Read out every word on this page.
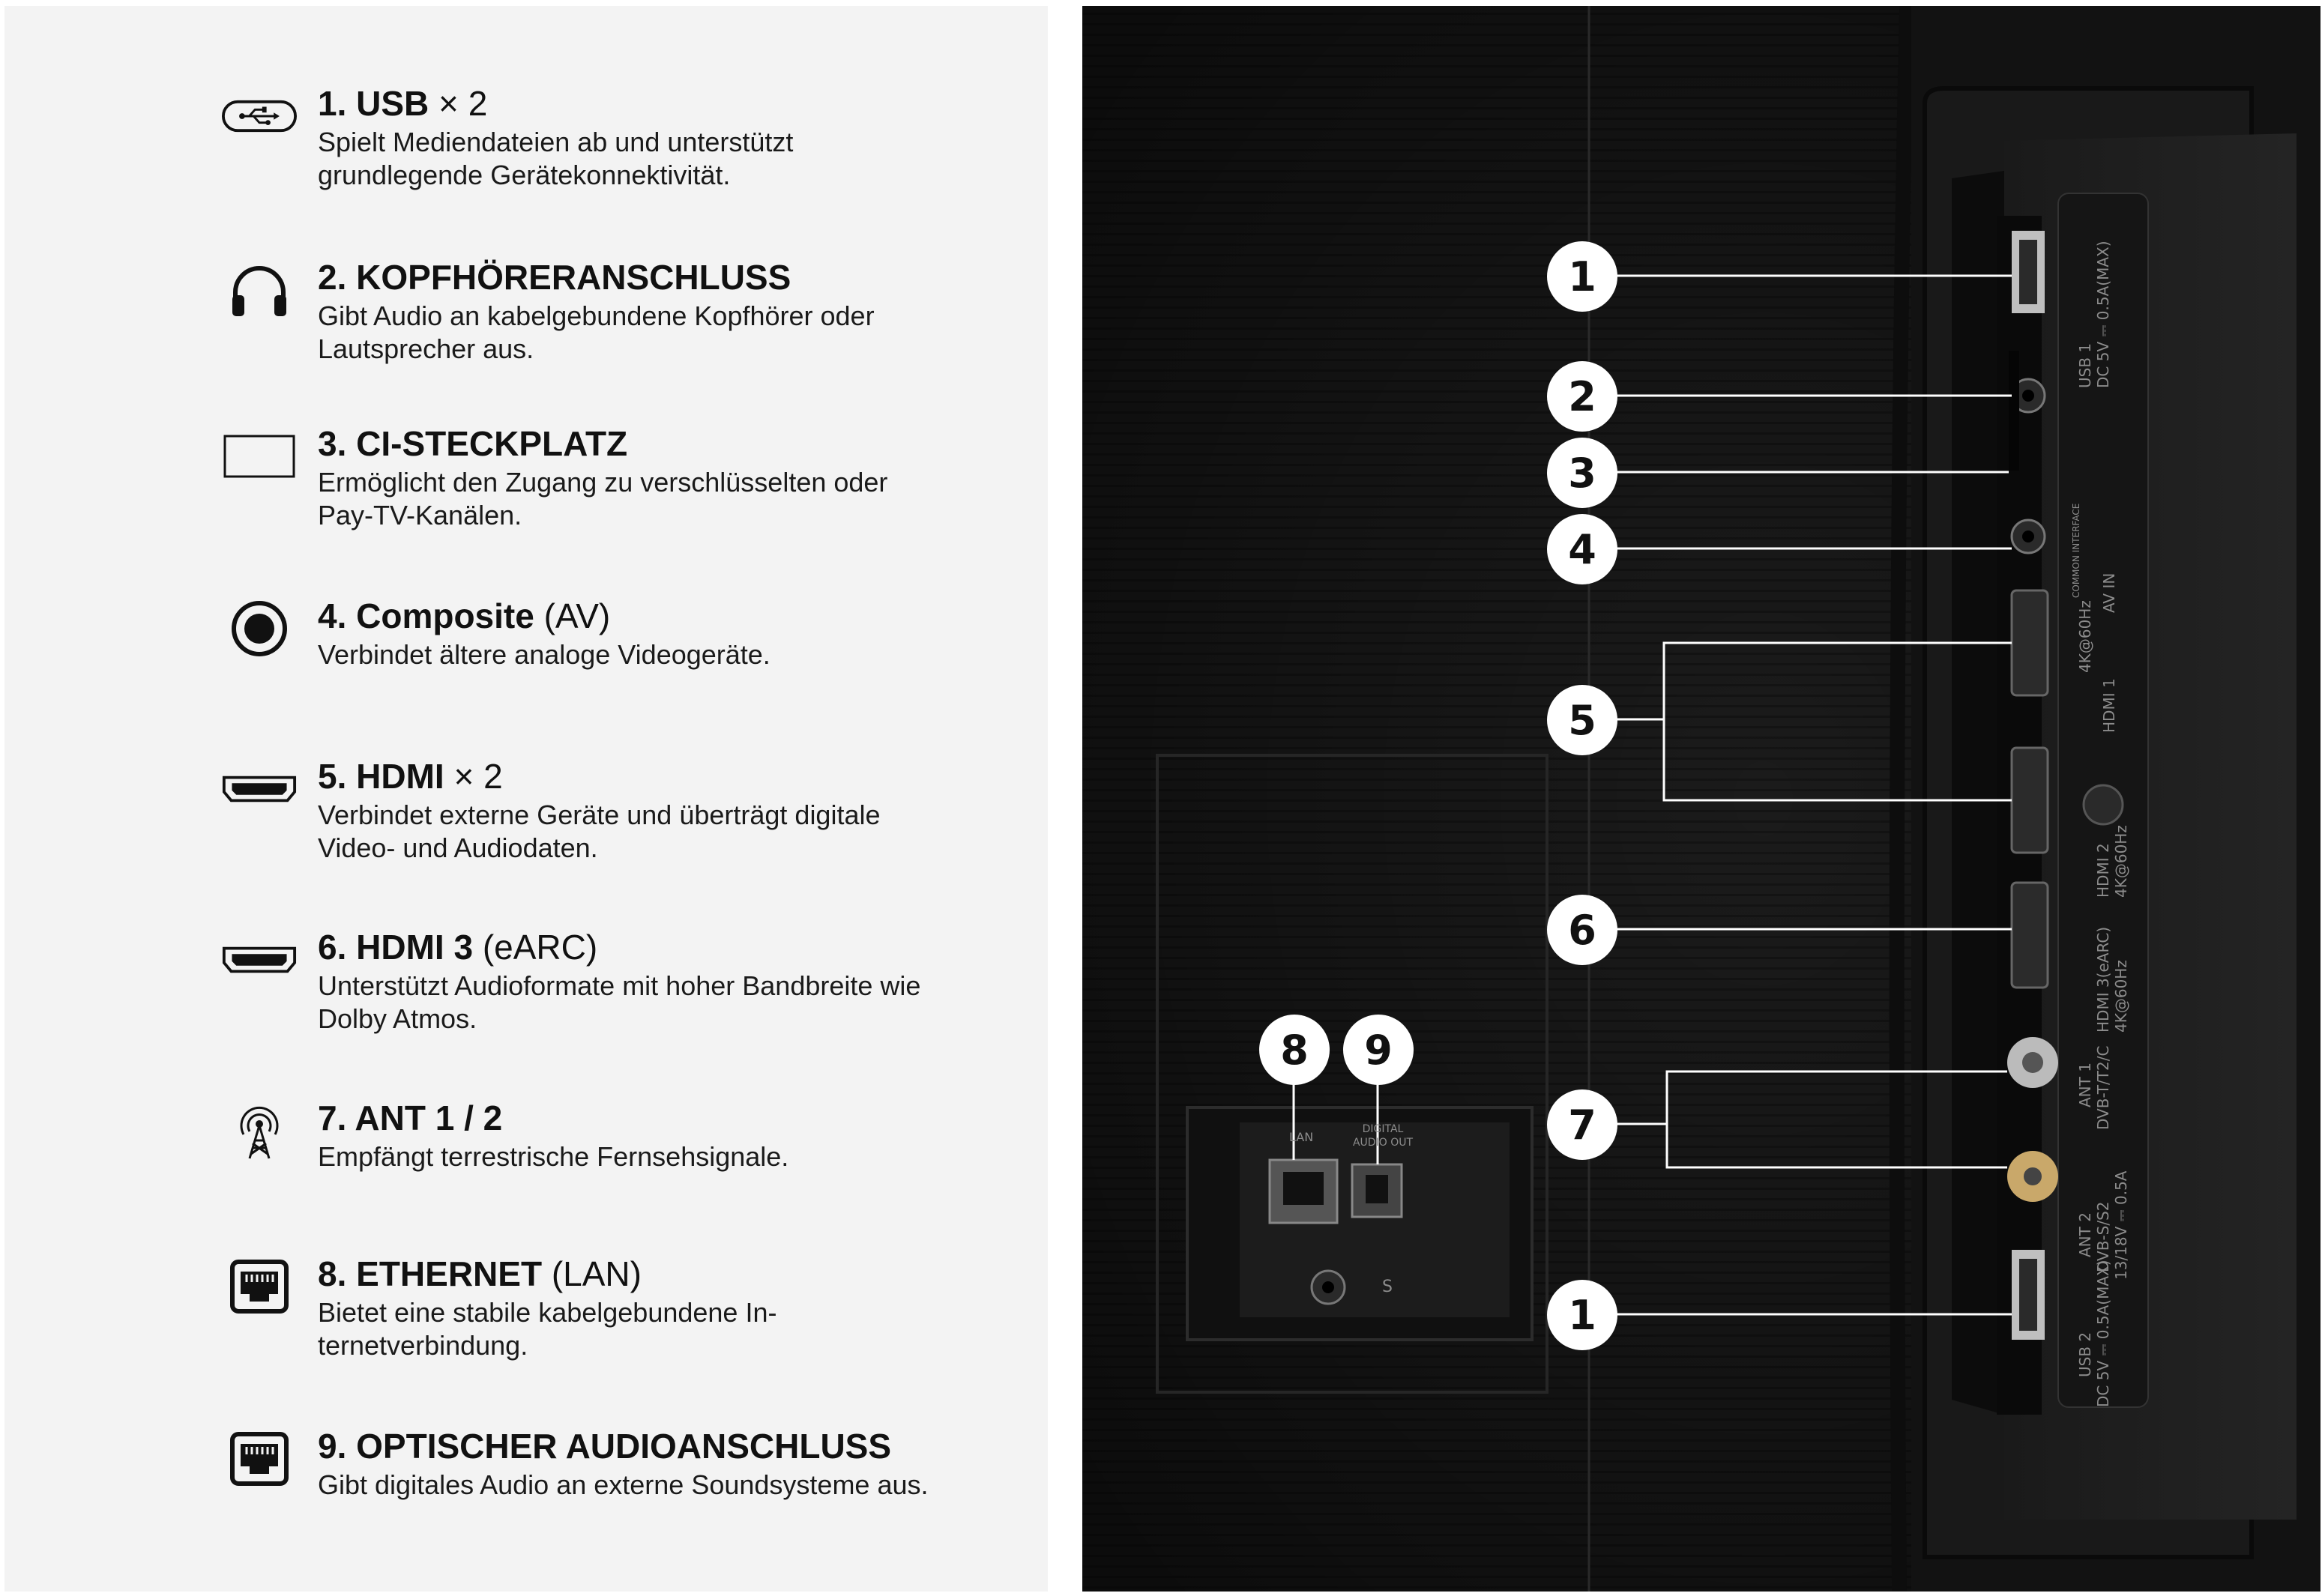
1. USB × 2
Spielt Mediendateien ab und unterstützt grundlegende Gerätekonnektivität.
2. KOPFHÖRERANSCHLUSS
Gibt Audio an kabelgebundene Kopfhörer oder Lautsprecher aus.
3. CI-STECKPLATZ
Ermöglicht den Zugang zu verschlüsselten oder Pay-TV-Kanälen.
4. Composite (AV)
Verbindet ältere analoge Videogeräte.
5. HDMI × 2
Verbindet externe Geräte und überträgt digitale Video- und Audiodaten.
6. HDMI 3 (eARC)
Unterstützt Audioformate mit hoher Bandbreite wie Dolby Atmos.
7. ANT 1 / 2
Empfängt terrestrische Fernsehsignale.
8. ETHERNET (LAN)
Bietet eine stabile kabelgebundene In-ternetverbindung.
9. OPTISCHER AUDIOANSCHLUSS
Gibt digitales Audio an externe Soundsysteme aus.
1
2
3
4
5
6
7
8	9
1
USB 1 DC 5V ⎓ 0.5A(MAX)
COMMON INTERFACE AV IN
HDMI 1
4K@60Hz
HDMI 2 4K@60Hz
HDMI 3(eARC) 4K@60Hz
ANT 1 DVB-T/T2/C
ANT 2 DVB-S/S2 13/18V ⎓ 0.5A
USB 2 DC 5V ⎓ 0.5A(MAX)
LAN
DIGITAL AUDIO OUT
S
